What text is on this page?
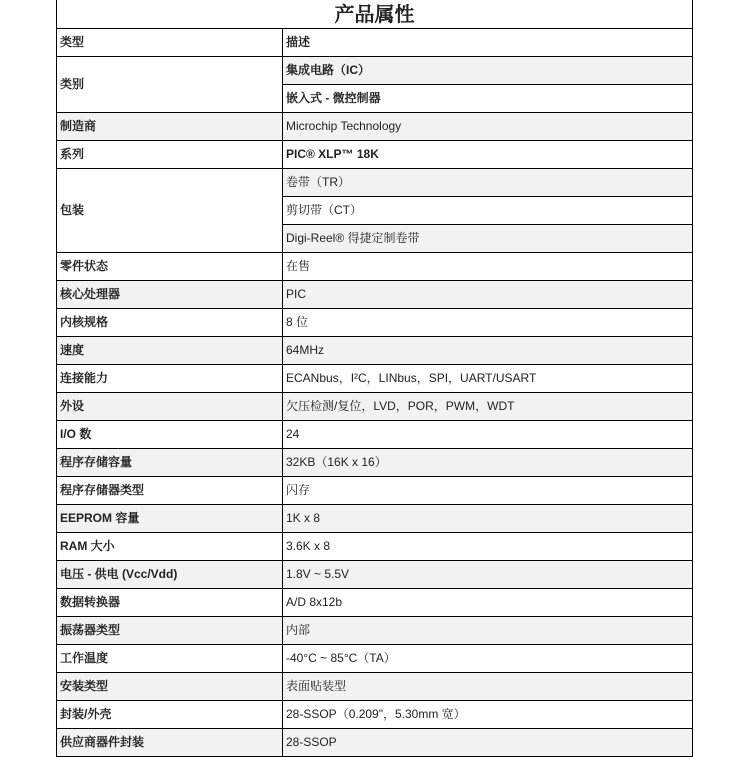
产品属性	
类型	描述
类别	集成电路（IC）
	嵌入式 - 微控制器
制造商	Microchip Technology
系列	PIC® XLP™ 18K
包装	卷带（TR）
	剪切带（CT）
	Digi-Reel® 得捷定制卷带
零件状态	在售
核心处理器	PIC
内核规格	8 位
速度	64MHz
连接能力	ECANbus，I²C，LINbus，SPI，UART/USART
外设	欠压检测/复位，LVD，POR，PWM，WDT
I/O 数	24
程序存储容量	32KB（16K x 16）
程序存储器类型	闪存
EEPROM 容量	1K x 8
RAM 大小	3.6K x 8
电压 - 供电 (Vcc/Vdd)	1.8V ~ 5.5V
数据转换器	A/D 8x12b
振荡器类型	内部
工作温度	-40°C ~ 85°C（TA）
安装类型	表面贴装型
封装/外壳	28-SSOP（0.209"，5.30mm 宽）
供应商器件封装	28-SSOP
